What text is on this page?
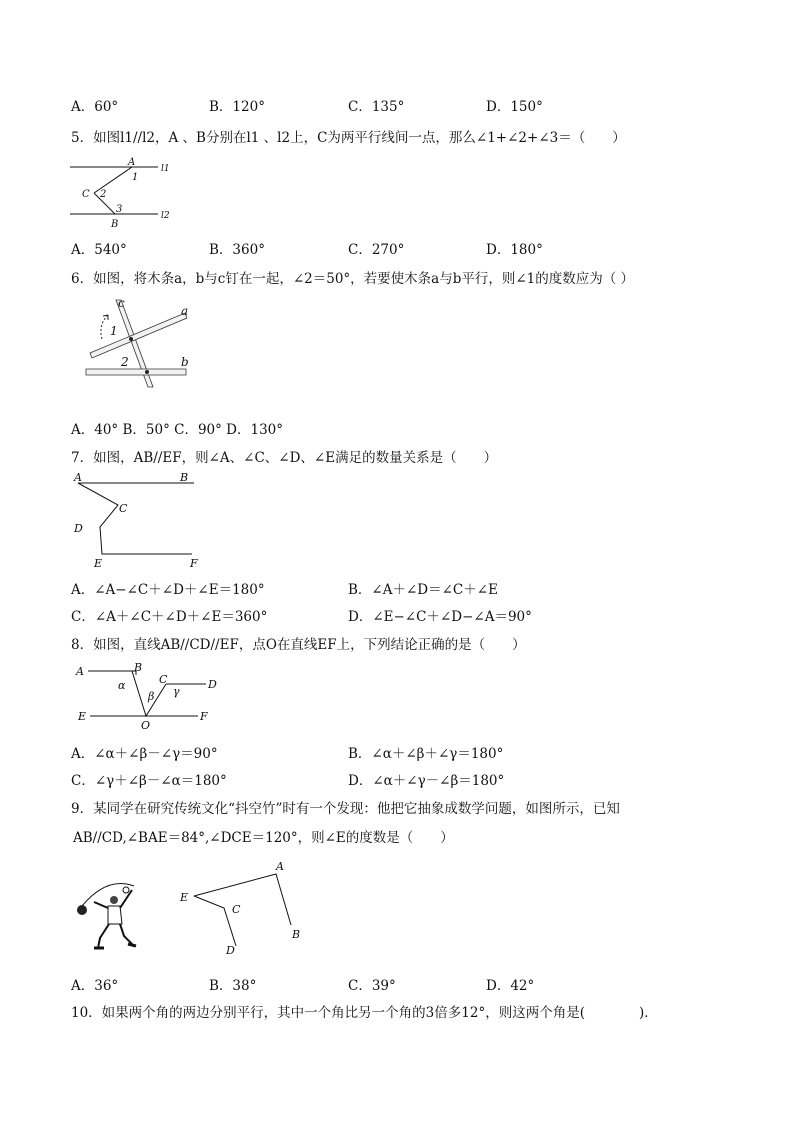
A．60°	B．120°	C．135°	D．150°
5．如图l1//l2，A 、B分别在l1 、l2上，C为两平行线间一点，那么∠1+∠2+∠3＝（　　）
A
1
C 2
3
B
l1
l2
A．540°	B．360°	C．270°	D．180°
6．如图，将木条a，b与c钉在一起，∠2＝50°，若要使木条a与b平行，则∠1的度数应为（ ）
c
a
b
1
2
A．40° B．50° C．90° D．130°
7．如图，AB//EF，则∠A、∠C、∠D、∠E满足的数量关系是（　　）
A	B
C
D
E	F
A．∠A−∠C＋∠D＋∠E＝180°	B．∠A＋∠D＝∠C＋∠E
C．∠A＋∠C＋∠D＋∠E＝360°	D．∠E−∠C＋∠D−∠A＝90°
8．如图，直线AB//CD//EF，点O在直线EF上，下列结论正确的是（　　）
A	B
C	D
E	F
O
α
β γ
A．∠α＋∠β－∠γ＝90°	B．∠α＋∠β＋∠γ＝180°
C．∠γ＋∠β－∠α＝180°	D．∠α＋∠γ－∠β＝180°
9．某同学在研究传统文化“抖空竹”时有一个发现：他把它抽象成数学问题，如图所示，已知
AB//CD,∠BAE＝84°,∠DCE＝120°，则∠E的度数是（　　）
A
B
C
D
E
A．36°	B．38°	C．39°	D．42°
10．如果两个角的两边分别平行，其中一个角比另一个角的3倍多12°，则这两个角是(　　　　)．
